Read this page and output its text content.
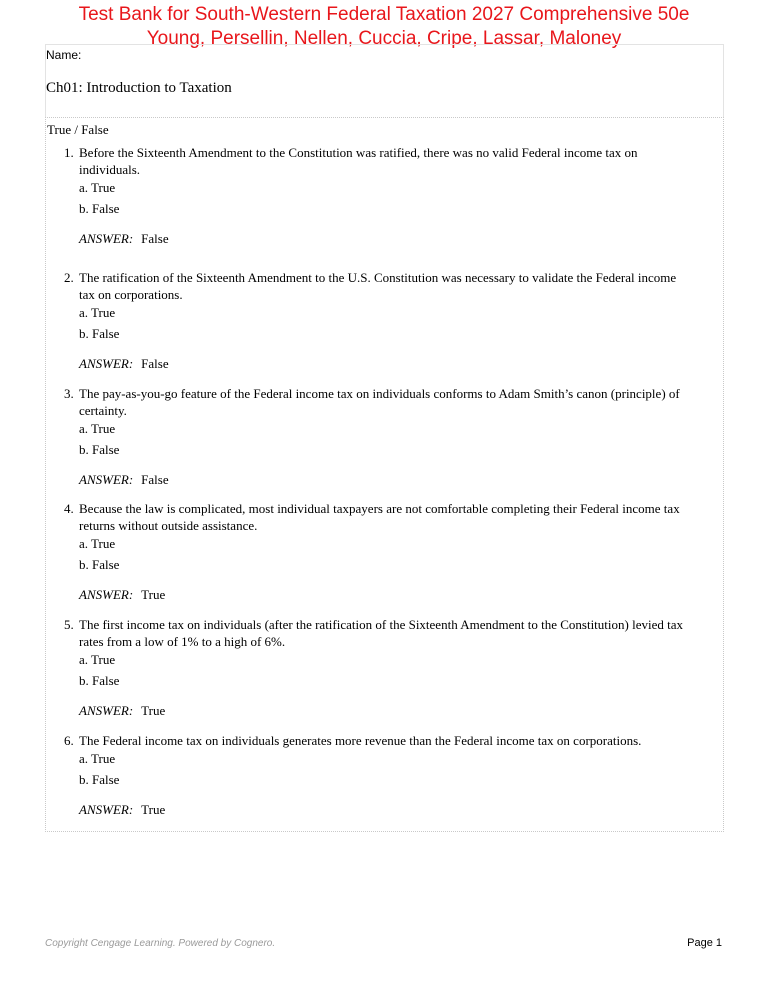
Test Bank for South-Western Federal Taxation 2027 Comprehensive 50e
Young, Persellin, Nellen, Cuccia, Cripe, Lassar, Maloney
Name:
Ch01: Introduction to Taxation
True / False
1. Before the Sixteenth Amendment to the Constitution was ratified, there was no valid Federal income tax on
individuals.
a. True
b. False
ANSWER: False
2. The ratification of the Sixteenth Amendment to the U.S. Constitution was necessary to validate the Federal income
tax on corporations.
a. True
b. False
ANSWER: False
3. The pay-as-you-go feature of the Federal income tax on individuals conforms to Adam Smith’s canon (principle) of
certainty.
a. True
b. False
ANSWER: False
4. Because the law is complicated, most individual taxpayers are not comfortable completing their Federal income tax
returns without outside assistance.
a. True
b. False
ANSWER: True
5. The first income tax on individuals (after the ratification of the Sixteenth Amendment to the Constitution) levied tax
rates from a low of 1% to a high of 6%.
a. True
b. False
ANSWER: True
6. The Federal income tax on individuals generates more revenue than the Federal income tax on corporations.
a. True
b. False
ANSWER: True
Copyright Cengage Learning. Powered by Cognero.	Page 1
